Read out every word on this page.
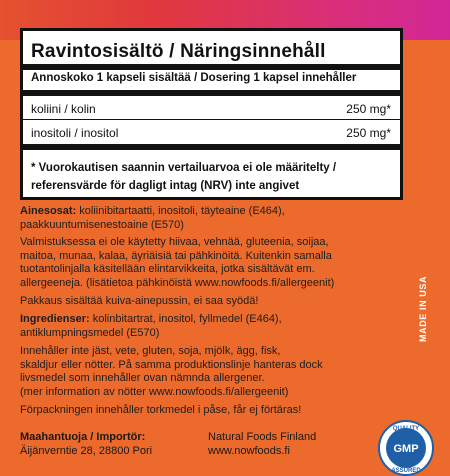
Ravintosisältö / Näringsinnehåll
Annoskoko 1 kapseli sisältää / Dosering 1 kapsel innehåller
koliini / kolin	250 mg*
inositoli / inositol	250 mg*
* Vuorokautisen saannin vertailuarvoa ei ole määritelty /
referensvärde för dagligt intag (NRV) inte angivet
Ainesosat: koliinibitartaatti, inositoli, täyteaine (E464),
paakkuuntumisenestoaine (E570)
Valmistuksessa ei ole käytetty hiivaa, vehnää, gluteenia, soijaa,
maitoa, munaa, kalaa, äyriäisiä tai pähkinöitä. Kuitenkin samalla
tuotantolinjalla käsitellään elintarvikkeita, jotka sisältävät em.
allergeeneja. (lisätietoa pähkinöistä www.nowfoods.fi/allergeenit)
Pakkaus sisältää kuiva-ainepussin, ei saa syödä!
Ingredienser: kolinbitartrat, inositol, fyllmedel (E464),
antiklumpningsmedel (E570)
Innehåller inte jäst, vete, gluten, soja, mjölk, ägg, fisk,
skaldjur eller nötter. På samma produktionslinje hanteras dock
livsmedel som innehåller ovan nämnda allergener.
(mer information av nötter www.nowfoods.fi/allergeenit)
Förpackningen innehåller torkmedel i påse, får ej förtäras!
Maahantuoja / Importör:
Äijänverntie 28, 28800 Pori
Natural Foods Finland
www.nowfoods.fi
MADE IN USA
QUALITY
GMP
ASSURED
